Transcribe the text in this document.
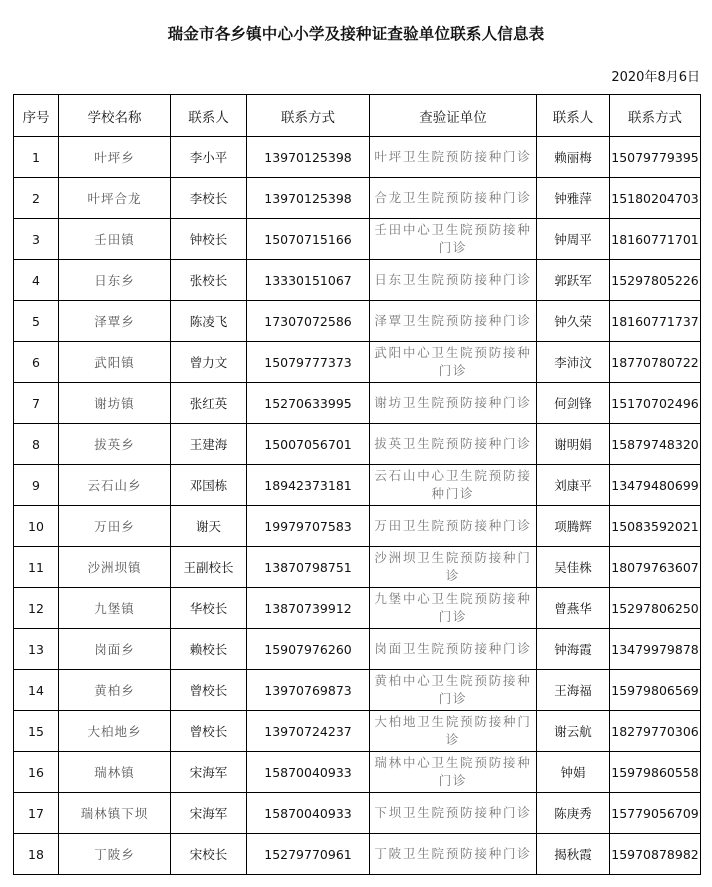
瑞金市各乡镇中心小学及接种证查验单位联系人信息表
2020年8月6日
序号	学校名称	联系人	联系方式	查验证单位	联系人	联系方式
1	叶坪乡	李小平	13970125398	叶坪卫生院预防接种门诊	赖丽梅	15079779395
2	叶坪合龙	李校长	13970125398	合龙卫生院预防接种门诊	钟雅萍	15180204703
3	壬田镇	钟校长	15070715166	壬田中心卫生院预防接种门诊	钟周平	18160771701
4	日东乡	张校长	13330151067	日东卫生院预防接种门诊	郭跃军	15297805226
5	泽覃乡	陈凌飞	17307072586	泽覃卫生院预防接种门诊	钟久荣	18160771737
6	武阳镇	曾力文	15079777373	武阳中心卫生院预防接种门诊	李沛汶	18770780722
7	谢坊镇	张红英	15270633995	谢坊卫生院预防接种门诊	何剑锋	15170702496
8	拔英乡	王建海	15007056701	拔英卫生院预防接种门诊	谢明娟	15879748320
9	云石山乡	邓国栋	18942373181	云石山中心卫生院预防接种门诊	刘康平	13479480699
10	万田乡	谢天	19979707583	万田卫生院预防接种门诊	项腾辉	15083592021
11	沙洲坝镇	王副校长	13870798751	沙洲坝卫生院预防接种门诊	吴佳株	18079763607
12	九堡镇	华校长	13870739912	九堡中心卫生院预防接种门诊	曾燕华	15297806250
13	岗面乡	赖校长	15907976260	岗面卫生院预防接种门诊	钟海霞	13479979878
14	黄柏乡	曾校长	13970769873	黄柏中心卫生院预防接种门诊	王海福	15979806569
15	大柏地乡	曾校长	13970724237	大柏地卫生院预防接种门诊	谢云航	18279770306
16	瑞林镇	宋海军	15870040933	瑞林中心卫生院预防接种门诊	钟娟	15979860558
17	瑞林镇下坝	宋海军	15870040933	下坝卫生院预防接种门诊	陈庚秀	15779056709
18	丁陂乡	宋校长	15279770961	丁陂卫生院预防接种门诊	揭秋霞	15970878982
